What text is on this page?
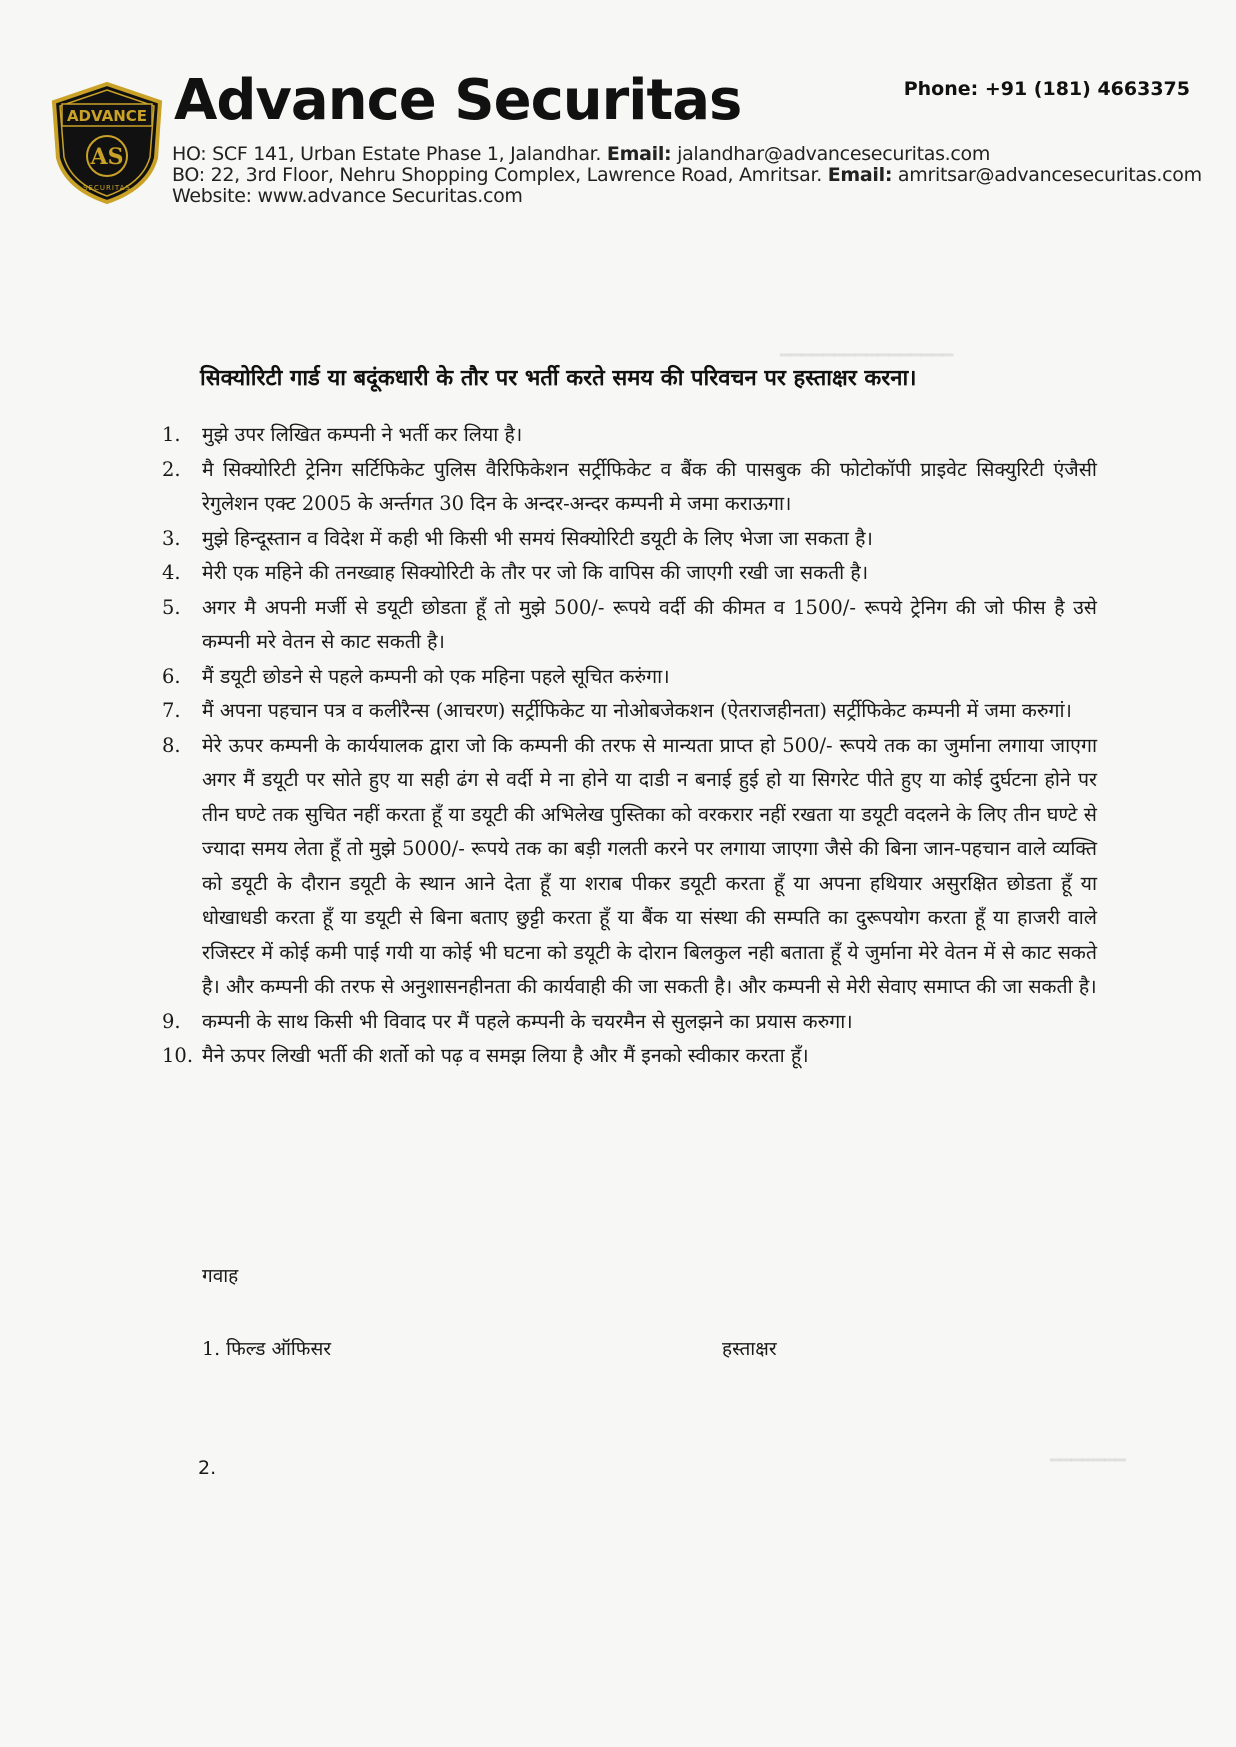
ADVANCE
AS
SECURITAS
Advance Securitas	Phone: +91 (181) 4663375
HO: SCF 141, Urban Estate Phase 1, Jalandhar. Email: jalandhar@advancesecuritas.com
BO: 22, 3rd Floor, Nehru Shopping Complex, Lawrence Road, Amritsar. Email: amritsar@advancesecuritas.com
Website: www.advance Securitas.com
━━━━━━━━━━━━━━━━
━━━━━━━
सिक्योरिटी गार्ड या बदूंकधारी के तौर पर भर्ती करते समय की परिवचन पर हस्ताक्षर करना।
1.	मुझे उपर लिखित कम्पनी ने भर्ती कर लिया है।
2.	मै सिक्योरिटी ट्रेनिग सर्टिफिकेट पुलिस वैरिफिकेशन सर्ट्रीफिकेट व बैंक की पासबुक की फोटोकॉपी प्राइवेट सिक्युरिटी एंजैसी रेगुलेशन एक्ट 2005 के अर्न्तगत 30 दिन के अन्दर-अन्दर कम्पनी मे जमा कराऊगा।
3.	मुझे हिन्दूस्तान व विदेश में कही भी किसी भी समयं सिक्योरिटी डयूटी के लिए भेजा जा सकता है।
4.	मेरी एक महिने की तनख्वाह सिक्योरिटी के तौर पर जो कि वापिस की जाएगी रखी जा सकती है।
5.	अगर मै अपनी मर्जी से डयूटी छोडता हूँ तो मुझे 500/- रूपये वर्दी की कीमत व 1500/- रूपये ट्रेनिग की जो फीस है उसे कम्पनी मरे वेतन से काट सकती है।
6.	मैं डयूटी छोडने से पहले कम्पनी को एक महिना पहले सूचित करुंगा।
7.	मैं अपना पहचान पत्र व कलीरैन्स (आचरण) सर्ट्रीफिकेट या नोओबजेकशन (ऐतराजहीनता) सर्ट्रीफिकेट कम्पनी में जमा करुगां।
8.	मेरे ऊपर कम्पनी के कार्ययालक द्वारा जो कि कम्पनी की तरफ से मान्यता प्राप्त हो 500/- रूपये तक का जुर्माना लगाया जाएगा अगर मैं डयूटी पर सोते हुए या सही ढंग से वर्दी मे ना होने या दाडी न बनाई हुई हो या सिगरेट पीते हुए या कोई दुर्घटना होने पर तीन घण्टे तक सुचित नहीं करता हूँ या डयूटी की अभिलेख पुस्तिका को वरकरार नहीं रखता या डयूटी वदलने के लिए तीन घण्टे से ज्यादा समय लेता हूँ तो मुझे 5000/- रूपये तक का बड़ी गलती करने पर लगाया जाएगा जैसे की बिना जान-पहचान वाले व्यक्ति को डयूटी के दौरान डयूटी के स्थान आने देता हूँ या शराब पीकर डयूटी करता हूँ या अपना हथियार असुरक्षित छोडता हूँ या धोखाधडी करता हूँ या डयूटी से बिना बताए छुट्टी करता हूँ या बैंक या संस्था की सम्पति का दुरूपयोग करता हूँ या हाजरी वाले रजिस्टर में कोई कमी पाई गयी या कोई भी घटना को डयूटी के दोरान बिलकुल नही बताता हूँ ये जुर्माना मेरे वेतन में से काट सकते है। और कम्पनी की तरफ से अनुशासनहीनता की कार्यवाही की जा सकती है। और कम्पनी से मेरी सेवाए समाप्त की जा सकती है।
9.	कम्पनी के साथ किसी भी विवाद पर मैं पहले कम्पनी के चयरमैन से सुलझने का प्रयास करुगा।
10. मैने ऊपर लिखी भर्ती की शर्तो को पढ़ व समझ लिया है और मैं इनको स्वीकार करता हूँ।
गवाह
1. फिल्ड ऑफिसर	हस्ताक्षर
2.
